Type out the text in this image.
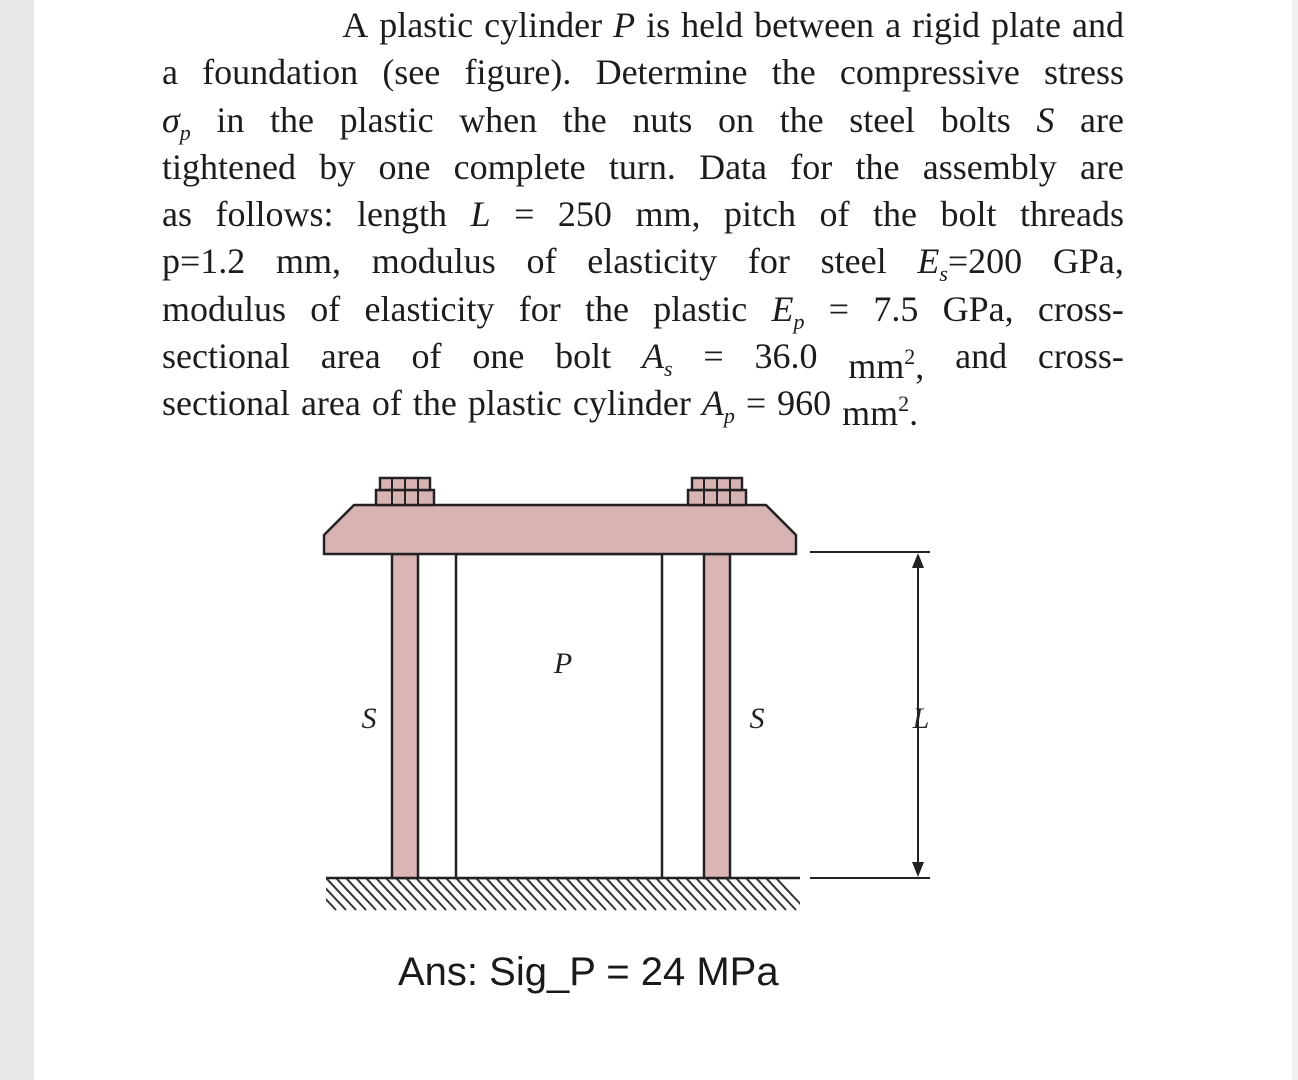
A plastic cylinder P is held between a rigid plate and
a foundation (see figure). Determine the compressive stress
σp in the plastic when the nuts on the steel bolts S are
tightened by one complete turn. Data for the assembly are
as follows: length L = 250 mm, pitch of the bolt threads
p=1.2 mm, modulus of elasticity for steel Es=200 GPa,
modulus of elasticity for the plastic Ep = 7.5 GPa, cross-
sectional area of one bolt As = 36.0 mm2, and cross-
sectional area of the plastic cylinder Ap = 960 mm2.
S
P
S	L
Ans: Sig_P = 24 MPa
